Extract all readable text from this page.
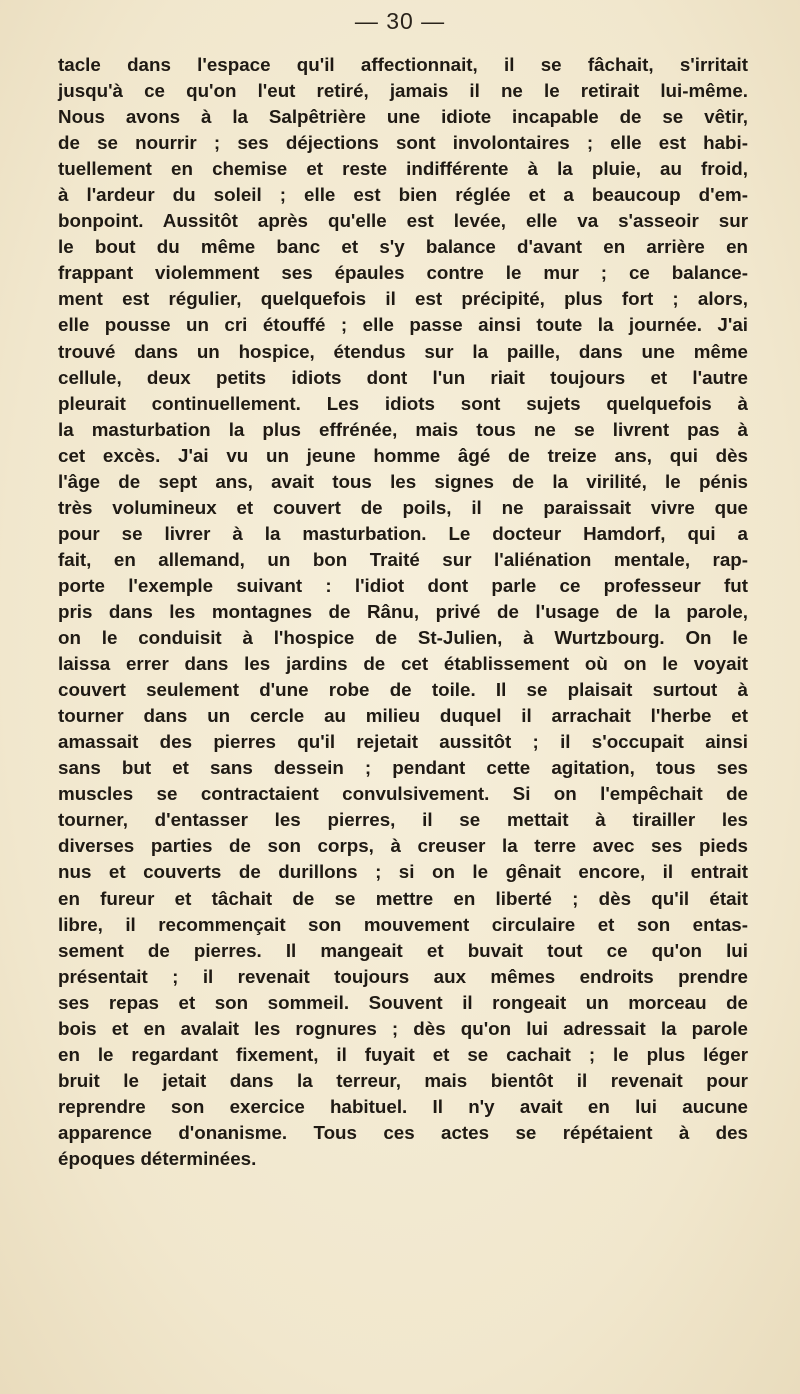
— 30 —
tacle dans l'espace qu'il affectionnait, il se fâchait, s'irritait
jusqu'à ce qu'on l'eut retiré, jamais il ne le retirait lui-même.
Nous avons à la Salpêtrière une idiote incapable de se vêtir,
de se nourrir ; ses déjections sont involontaires ; elle est habi-
tuellement en chemise et reste indifférente à la pluie, au froid,
à l'ardeur du soleil ; elle est bien réglée et a beaucoup d'em-
bonpoint. Aussitôt après qu'elle est levée, elle va s'asseoir sur
le bout du même banc et s'y balance d'avant en arrière en
frappant violemment ses épaules contre le mur ; ce balance-
ment est régulier, quelquefois il est précipité, plus fort ; alors,
elle pousse un cri étouffé ; elle passe ainsi toute la journée. J'ai
trouvé dans un hospice, étendus sur la paille, dans une même
cellule, deux petits idiots dont l'un riait toujours et l'autre
pleurait continuellement. Les idiots sont sujets quelquefois à
la masturbation la plus effrénée, mais tous ne se livrent pas à
cet excès. J'ai vu un jeune homme âgé de treize ans, qui dès
l'âge de sept ans, avait tous les signes de la virilité, le pénis
très volumineux et couvert de poils, il ne paraissait vivre que
pour se livrer à la masturbation. Le docteur Hamdorf, qui a
fait, en allemand, un bon Traité sur l'aliénation mentale, rap-
porte l'exemple suivant : l'idiot dont parle ce professeur fut
pris dans les montagnes de Rânu, privé de l'usage de la parole,
on le conduisit à l'hospice de St-Julien, à Wurtzbourg. On le
laissa errer dans les jardins de cet établissement où on le voyait
couvert seulement d'une robe de toile. Il se plaisait surtout à
tourner dans un cercle au milieu duquel il arrachait l'herbe et
amassait des pierres qu'il rejetait aussitôt ; il s'occupait ainsi
sans but et sans dessein ; pendant cette agitation, tous ses
muscles se contractaient convulsivement. Si on l'empêchait de
tourner, d'entasser les pierres, il se mettait à tirailler les
diverses parties de son corps, à creuser la terre avec ses pieds
nus et couverts de durillons ; si on le gênait encore, il entrait
en fureur et tâchait de se mettre en liberté ; dès qu'il était
libre, il recommençait son mouvement circulaire et son entas-
sement de pierres. Il mangeait et buvait tout ce qu'on lui
présentait ; il revenait toujours aux mêmes endroits prendre
ses repas et son sommeil. Souvent il rongeait un morceau de
bois et en avalait les rognures ; dès qu'on lui adressait la parole
en le regardant fixement, il fuyait et se cachait ; le plus léger
bruit le jetait dans la terreur, mais bientôt il revenait pour
reprendre son exercice habituel. Il n'y avait en lui aucune
apparence d'onanisme. Tous ces actes se répétaient à des
époques déterminées.
